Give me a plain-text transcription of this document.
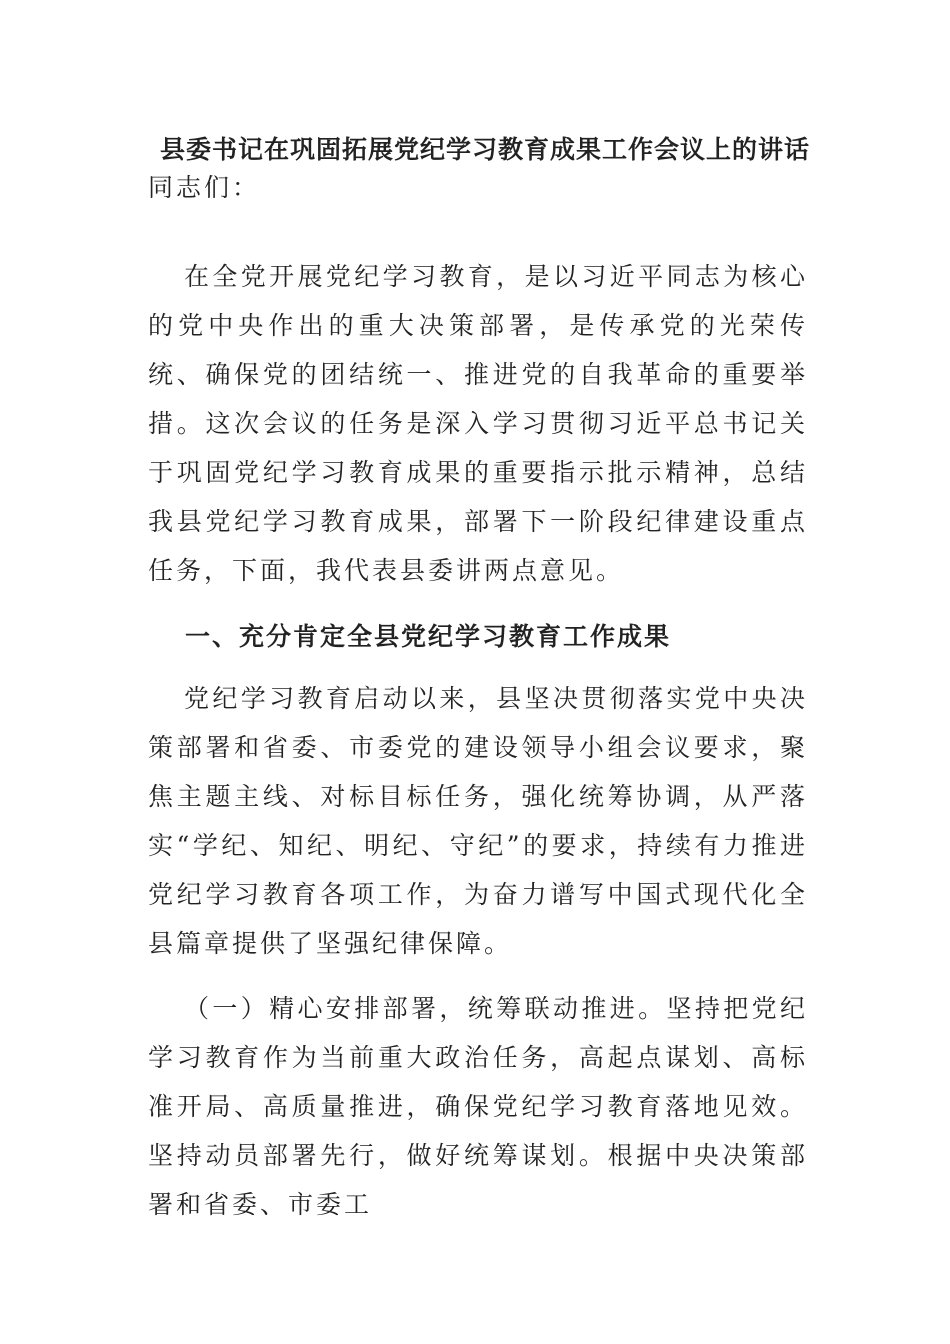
县委书记在巩固拓展党纪学习教育成果工作会议上的讲话
同志们：

在全党开展党纪学习教育，是以习近平同志为核心的党中央作出的重大决策部署，是传承党的光荣传统、确保党的团结统一、推进党的自我革命的重要举措。这次会议的任务是深入学习贯彻习近平总书记关于巩固党纪学习教育成果的重要指示批示精神，总结我县党纪学习教育成果，部署下一阶段纪律建设重点任务，下面，我代表县委讲两点意见。

一、充分肯定全县党纪学习教育工作成果

党纪学习教育启动以来，县坚决贯彻落实党中央决策部署和省委、市委党的建设领导小组会议要求，聚焦主题主线、对标目标任务，强化统筹协调，从严落实“学纪、知纪、明纪、守纪”的要求，持续有力推进党纪学习教育各项工作，为奋力谱写中国式现代化全县篇章提供了坚强纪律保障。

（一）精心安排部署，统筹联动推进。坚持把党纪学习教育作为当前重大政治任务，高起点谋划、高标准开局、高质量推进，确保党纪学习教育落地见效。坚持动员部署先行，做好统筹谋划。根据中央决策部署和省委、市委工
